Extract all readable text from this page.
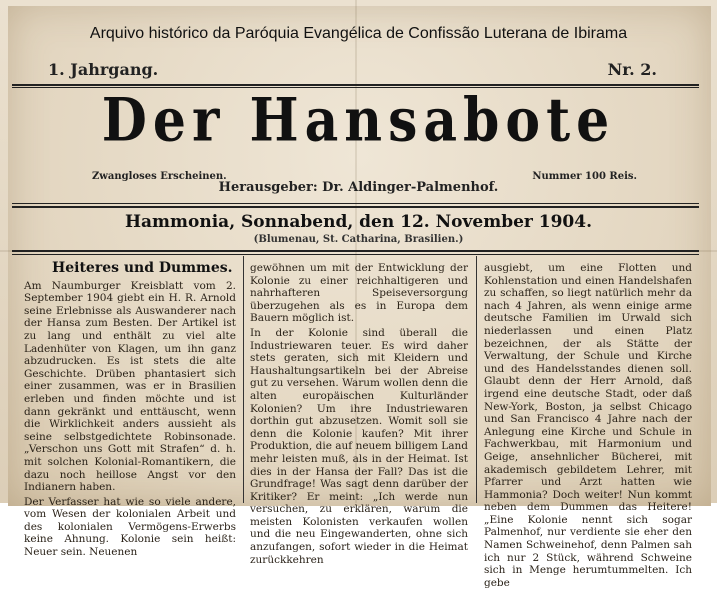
Arquivo histórico da Paróquia Evangélica de Confissão Luterana de Ibirama
1. Jahrgang.	Nr. 2.
Der Hansabote
Zwangloses Erscheinen.	Nummer 100 Reis.
Herausgeber: Dr. Aldinger-Palmenhof.
Hammonia, Sonnabend, den 12. November 1904.
(Blumenau, St. Catharina, Brasilien.)
Heiteres und Dummes.

Am Naumburger Kreisblatt vom 2. September 1904 giebt ein H. R. Arnold seine Erlebnisse als Auswanderer nach der Hansa zum Besten. Der Artikel ist zu lang und enthält zu viel alte Ladenhüter von Klagen, um ihn ganz abzudrucken. Es ist stets die alte Geschichte. Drüben phantasiert sich einer zusammen, was er in Brasilien erleben und finden möchte und ist dann gekränkt und enttäuscht, wenn die Wirklichkeit anders aussieht als seine selbstgedichtete Robinsonade. „Verschon uns Gott mit Strafen“ d. h. mit solchen Kolonial-Romantikern, die dazu noch heillose Angst vor den Indianern haben.

Der Verfasser hat wie so viele andere, vom Wesen der kolonialen Arbeit und des kolonialen Vermögens-Erwerbs keine Ahnung. Kolonie sein heißt: Neuer sein. Neuenen

gewöhnen um mit der Entwicklung der Kolonie zu einer reichhaltigeren und nahrhafteren Speiseversorgung überzugehen als es in Europa dem Bauern möglich ist.

In der Kolonie sind überall die Industriewaren teuer. Es wird daher stets geraten, sich mit Kleidern und Haushaltungsartikeln bei der Abreise gut zu versehen. Warum wollen denn die alten europäischen Kulturländer Kolonien? Um ihre Industriewaren dorthin gut abzusetzen. Womit soll sie denn die Kolonie kaufen? Mit ihrer Produktion, die auf neuem billigem Land mehr leisten muß, als in der Heimat. Ist dies in der Hansa der Fall? Das ist die Grundfrage! Was sagt denn darüber der Kritiker? Er meint: „Ich werde nun versuchen, zu erklären, warum die meisten Kolonisten verkaufen wollen und die neu Eingewanderten, ohne sich anzufangen, sofort wieder in die Heimat zurückkehren

ausgiebt, um eine Flotten und Kohlenstation und einen Handelshafen zu schaffen, so liegt natürlich mehr da nach 4 Jahren, als wenn einige arme deutsche Familien im Urwald sich niederlassen und einen Platz bezeichnen, der als Stätte der Verwaltung, der Schule und Kirche und des Handelsstandes dienen soll. Glaubt denn der Herr Arnold, daß irgend eine deutsche Stadt, oder daß New-York, Boston, ja selbst Chicago und San Francisco 4 Jahre nach der Anlegung eine Kirche und Schule in Fachwerkbau, mit Harmonium und Geige, ansehnlicher Bücherei, mit akademisch gebildetem Lehrer, mit Pfarrer und Arzt hatten wie Hammonia? Doch weiter! Nun kommt neben dem Dummen das Heitere! „Eine Kolonie nennt sich sogar Palmenhof, nur verdiente sie eher den Namen Schweinehof, denn Palmen sah ich nur 2 Stück, während Schweine sich in Menge herumtummelten. Ich gebe
